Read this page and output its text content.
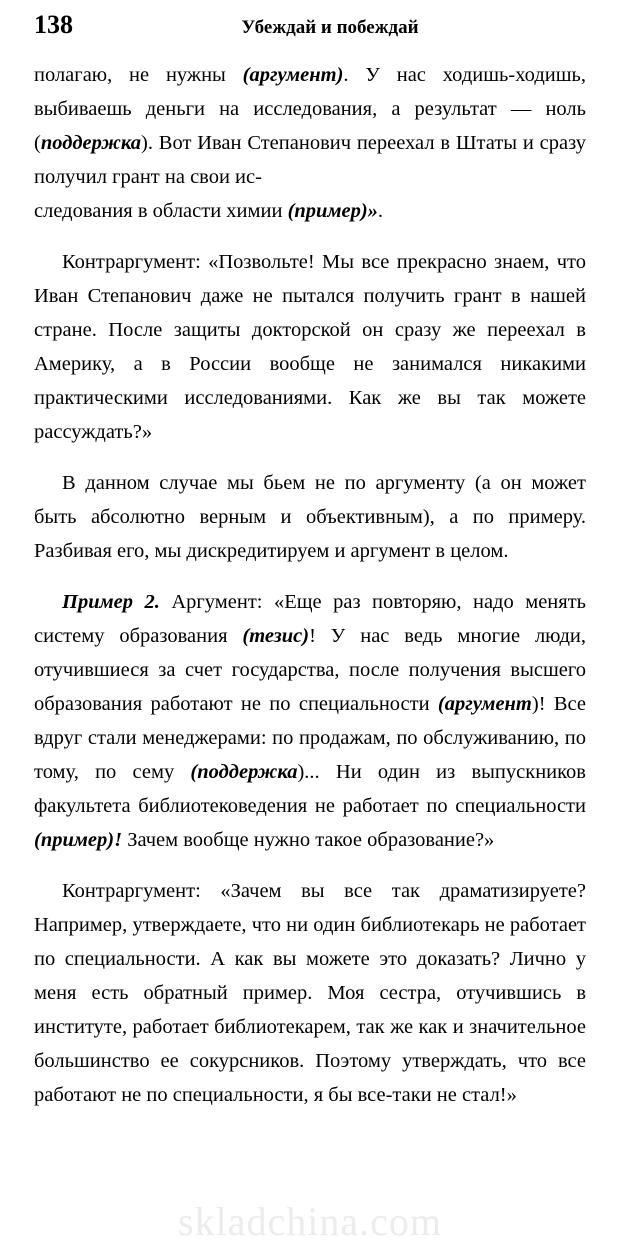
138	Убеждай и побеждай

полагаю, не нужны (аргумент). У нас ходишь-ходишь, выбиваешь деньги на исследования, а результат — ноль (поддержка). Вот Иван Степанович переехал в Штаты и сразу получил грант на свои ис-

следования в области химии (пример)».

Контраргумент: «Позвольте! Мы все прекрасно знаем, что Иван Степанович даже не пытался получить грант в нашей стране. После защиты докторской он сразу же переехал в Америку, а в России вообще не занимался никакими практическими исследованиями. Как же вы так можете рассуждать?»

В данном случае мы бьем не по аргументу (а он может быть абсолютно верным и объективным), а по примеру. Разбивая его, мы дискредитируем и аргумент в целом.

Пример 2. Аргумент: «Еще раз повторяю, надо менять систему образования (тезис)! У нас ведь многие люди, отучившиеся за счет государства, после получения высшего образования работают не по специальности (аргумент)! Все вдруг стали менеджерами: по продажам, по обслуживанию, по тому, по сему (поддержка)... Ни один из выпускников факультета библиотековедения не работает по специальности (пример)! Зачем вообще нужно такое образование?»

Контраргумент: «Зачем вы все так драматизируете? Например, утверждаете, что ни один библиотекарь не работает по специальности. А как вы можете это доказать? Лично у меня есть обратный пример. Моя сестра, отучившись в институте, работает библиотекарем, так же как и значительное большинство ее сокурсников. Поэтому утверждать, что все работают не по специальности, я бы все-таки не стал!»

skladchina.com
